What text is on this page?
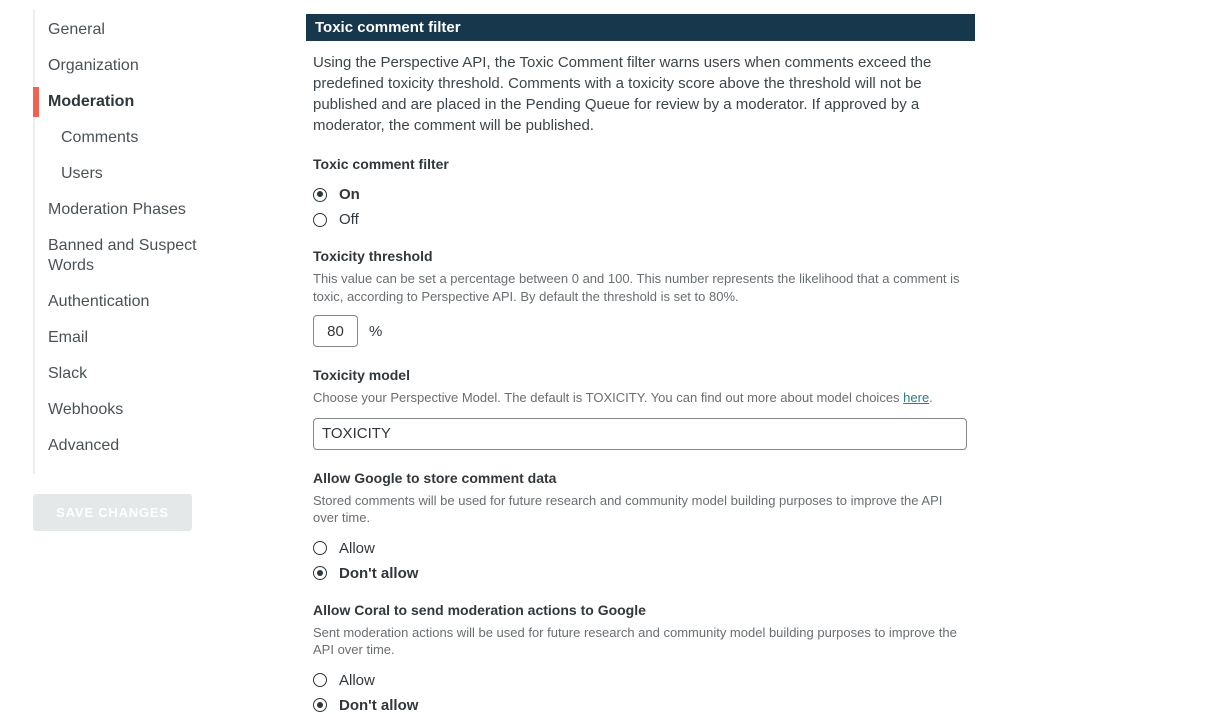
General
Organization
Moderation
Comments
Users
Moderation Phases
Banned and Suspect Words
Authentication
Email
Slack
Webhooks
Advanced
SAVE CHANGES
Toxic comment filter

Using the Perspective API, the Toxic Comment filter warns users when comments exceed the predefined toxicity threshold. Comments with a toxicity score above the threshold will not be published and are placed in the Pending Queue for review by a moderator. If approved by a moderator, the comment will be published.

Toxic comment filter
On
Off
Toxicity threshold
This value can be set a percentage between 0 and 100. This number represents the likelihood that a comment is toxic, according to Perspective API. By default the threshold is set to 80%.
80
%
Toxicity model
Choose your Perspective Model. The default is TOXICITY. You can find out more about model choices here.
TOXICITY
Allow Google to store comment data
Stored comments will be used for future research and community model building purposes to improve the API over time.
Allow
Don't allow
Allow Coral to send moderation actions to Google
Sent moderation actions will be used for future research and community model building purposes to improve the API over time.
Allow
Don't allow
